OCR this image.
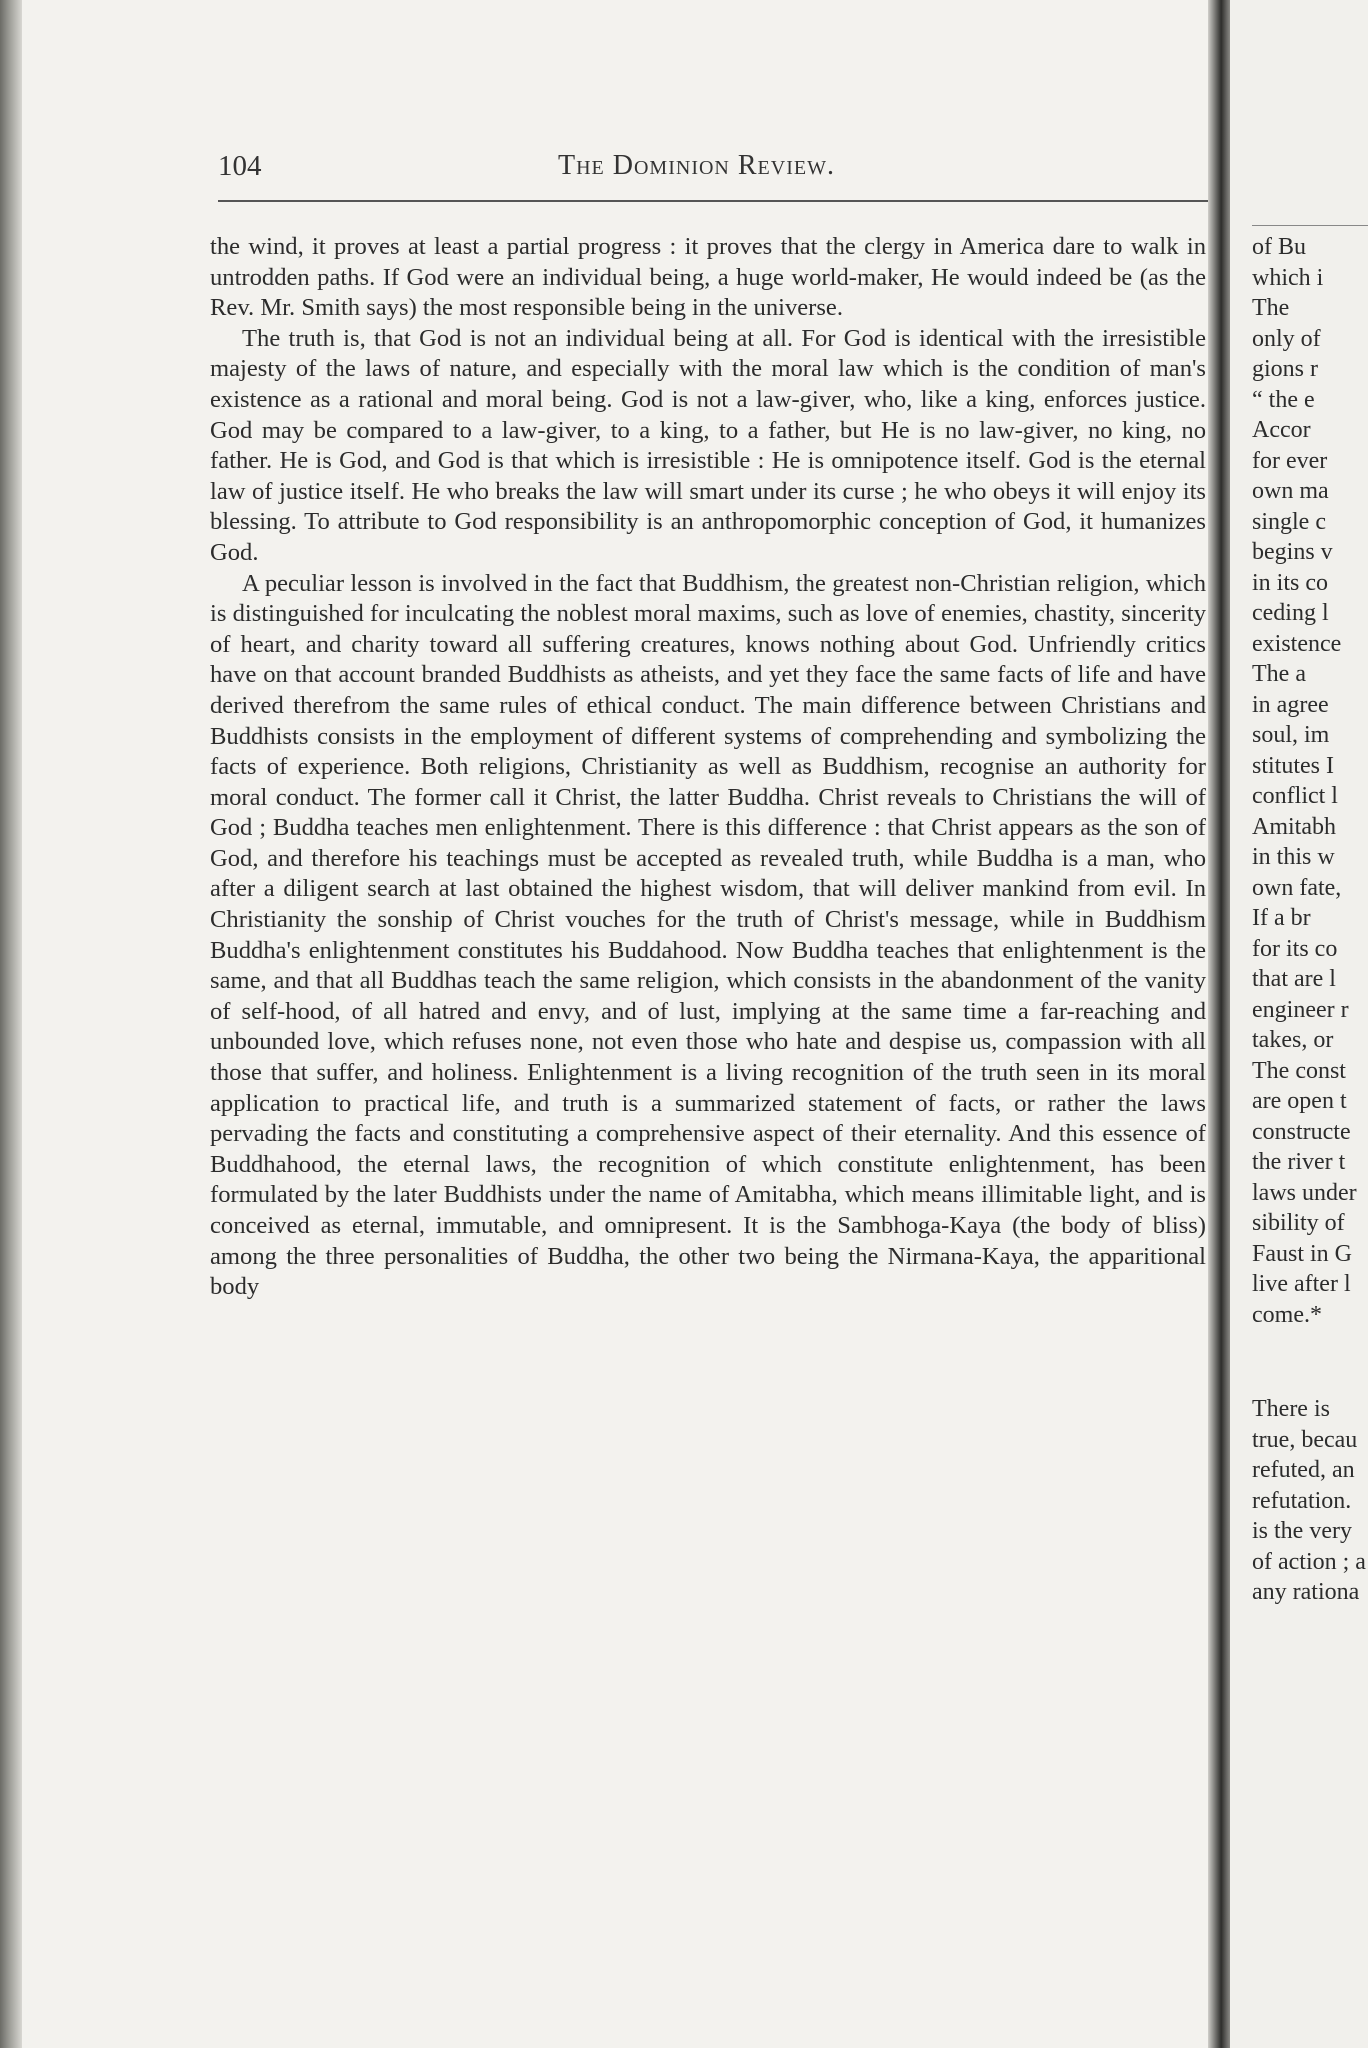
104	The Dominion Review.

the wind, it proves at least a partial progress : it proves that the clergy in America dare to walk in untrodden paths. If God were an individual being, a huge world-maker, He would indeed be (as the Rev. Mr. Smith says) the most responsible being in the universe.

The truth is, that God is not an individual being at all. For God is identical with the irresistible majesty of the laws of nature, and especially with the moral law which is the condition of man's existence as a rational and moral being. God is not a law-giver, who, like a king, enforces justice. God may be compared to a law-giver, to a king, to a father, but He is no law-giver, no king, no father. He is God, and God is that which is irresistible : He is omnipotence itself. God is the eternal law of justice itself. He who breaks the law will smart under its curse ; he who obeys it will enjoy its blessing. To attribute to God responsibility is an anthropomorphic conception of God, it humanizes God.

A peculiar lesson is involved in the fact that Buddhism, the greatest non-Christian religion, which is distinguished for inculcating the noblest moral maxims, such as love of enemies, chastity, sincerity of heart, and charity toward all suffering creatures, knows nothing about God. Unfriendly critics have on that account branded Buddhists as atheists, and yet they face the same facts of life and have derived therefrom the same rules of ethical conduct. The main difference between Christians and Buddhists consists in the employment of different systems of comprehending and symbolizing the facts of experience. Both religions, Christianity as well as Buddhism, recognise an authority for moral conduct. The former call it Christ, the latter Buddha. Christ reveals to Christians the will of God ; Buddha teaches men enlightenment. There is this difference : that Christ appears as the son of God, and therefore his teachings must be accepted as revealed truth, while Buddha is a man, who after a diligent search at last obtained the highest wisdom, that will deliver mankind from evil. In Christianity the sonship of Christ vouches for the truth of Christ's message, while in Buddhism Buddha's enlightenment constitutes his Buddahood. Now Buddha teaches that enlightenment is the same, and that all Buddhas teach the same religion, which consists in the abandonment of the vanity of self-hood, of all hatred and envy, and of lust, implying at the same time a far-reaching and unbounded love, which refuses none, not even those who hate and despise us, compassion with all those that suffer, and holiness. Enlightenment is a living recognition of the truth seen in its moral application to practical life, and truth is a summarized statement of facts, or rather the laws pervading the facts and constituting a comprehensive aspect of their eternality. And this essence of Buddhahood, the eternal laws, the recognition of which constitute enlightenment, has been formulated by the later Buddhists under the name of Amitabha, which means illimitable light, and is conceived as eternal, immutable, and omnipresent. It is the Sambhoga-Kaya (the body of bliss) among the three personalities of Buddha, the other two being the Nirmana-Kaya, the apparitional body

of Bu
which i
The
only of
gions r
“ the e
Accor
for ever
own ma
single c
begins v
in its co
ceding l
existence
The a
in agree
soul, im
stitutes I
conflict l
Amitabh
in this w
own fate,
If a br
for its co
that are l
engineer r
takes, or
The const
are open t
constructe
the river t
laws under
sibility of
Faust in G
live after l
come.*
There is
true, becau
refuted, an
refutation.
is the very
of action ; a
any rationa
